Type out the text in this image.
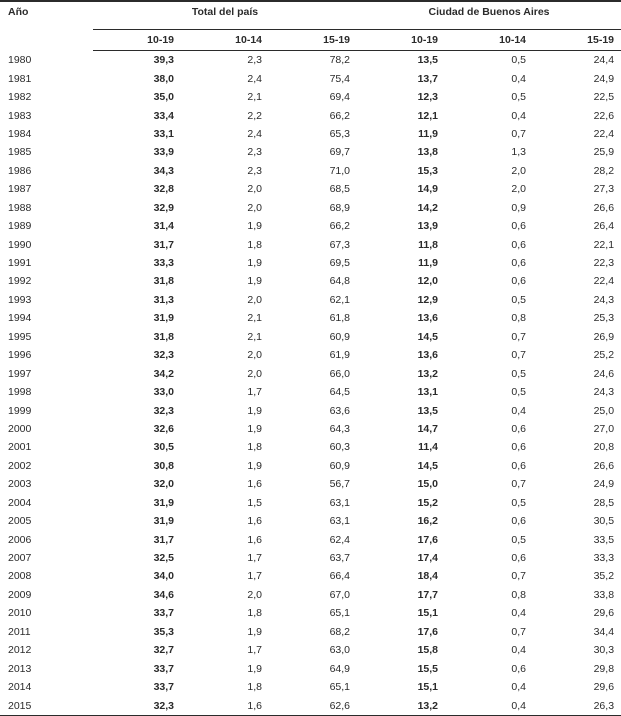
Año	Total del país			Ciudad de Buenos Aires		
	10-19	10-14	15-19	10-19	10-14	15-19
1980	39,3	2,3	78,2	13,5	0,5	24,4
1981	38,0	2,4	75,4	13,7	0,4	24,9
1982	35,0	2,1	69,4	12,3	0,5	22,5
1983	33,4	2,2	66,2	12,1	0,4	22,6
1984	33,1	2,4	65,3	11,9	0,7	22,4
1985	33,9	2,3	69,7	13,8	1,3	25,9
1986	34,3	2,3	71,0	15,3	2,0	28,2
1987	32,8	2,0	68,5	14,9	2,0	27,3
1988	32,9	2,0	68,9	14,2	0,9	26,6
1989	31,4	1,9	66,2	13,9	0,6	26,4
1990	31,7	1,8	67,3	11,8	0,6	22,1
1991	33,3	1,9	69,5	11,9	0,6	22,3
1992	31,8	1,9	64,8	12,0	0,6	22,4
1993	31,3	2,0	62,1	12,9	0,5	24,3
1994	31,9	2,1	61,8	13,6	0,8	25,3
1995	31,8	2,1	60,9	14,5	0,7	26,9
1996	32,3	2,0	61,9	13,6	0,7	25,2
1997	34,2	2,0	66,0	13,2	0,5	24,6
1998	33,0	1,7	64,5	13,1	0,5	24,3
1999	32,3	1,9	63,6	13,5	0,4	25,0
2000	32,6	1,9	64,3	14,7	0,6	27,0
2001	30,5	1,8	60,3	11,4	0,6	20,8
2002	30,8	1,9	60,9	14,5	0,6	26,6
2003	32,0	1,6	56,7	15,0	0,7	24,9
2004	31,9	1,5	63,1	15,2	0,5	28,5
2005	31,9	1,6	63,1	16,2	0,6	30,5
2006	31,7	1,6	62,4	17,6	0,5	33,5
2007	32,5	1,7	63,7	17,4	0,6	33,3
2008	34,0	1,7	66,4	18,4	0,7	35,2
2009	34,6	2,0	67,0	17,7	0,8	33,8
2010	33,7	1,8	65,1	15,1	0,4	29,6
2011	35,3	1,9	68,2	17,6	0,7	34,4
2012	32,7	1,7	63,0	15,8	0,4	30,3
2013	33,7	1,9	64,9	15,5	0,6	29,8
2014	33,7	1,8	65,1	15,1	0,4	29,6
2015	32,3	1,6	62,6	13,2	0,4	26,3
